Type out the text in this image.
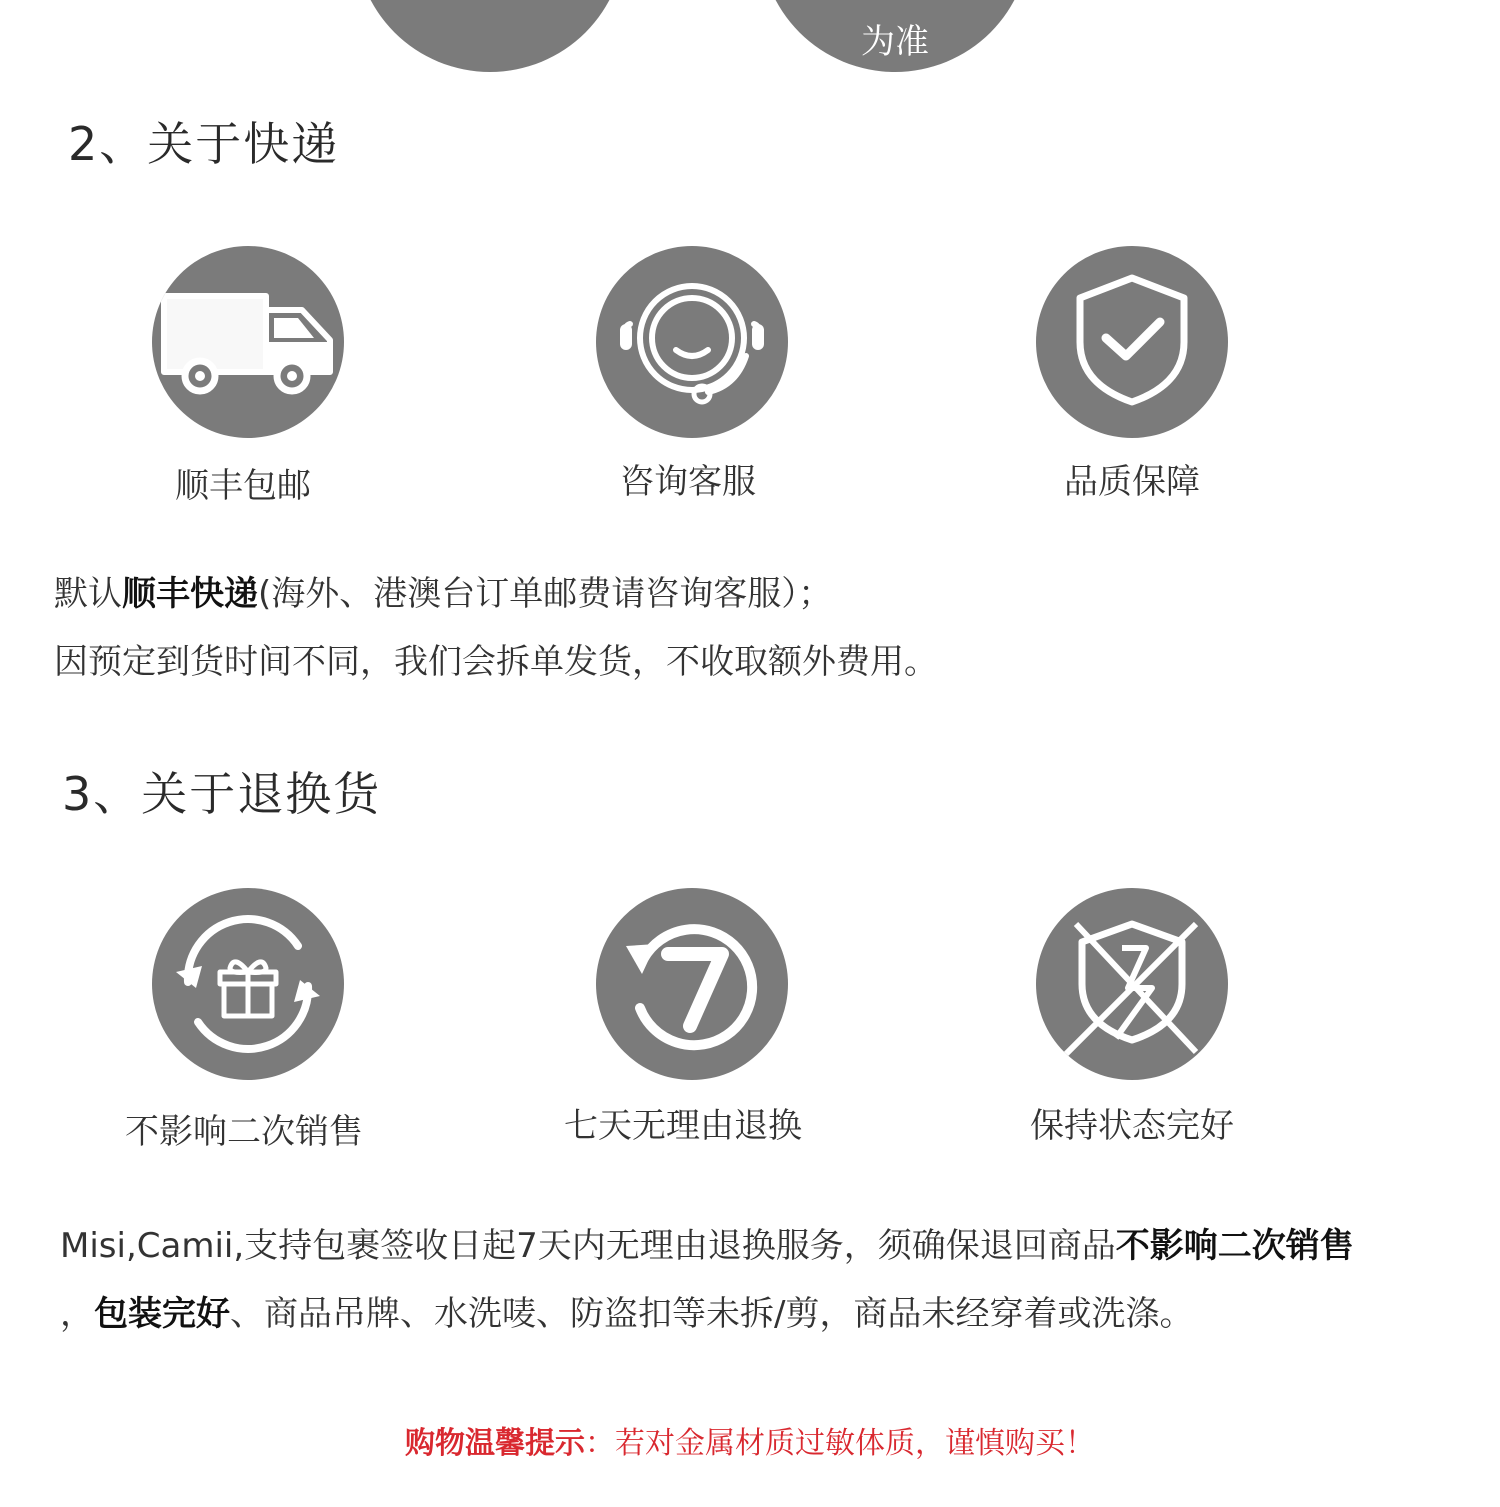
为准
2、关于快递
顺丰包邮	咨询客服	品质保障
默认顺丰快递(海外、港澳台订单邮费请咨询客服）；
因预定到货时间不同，我们会拆单发货，不收取额外费用。
3、关于退换货
不影响二次销售	七天无理由退换	保持状态完好
Misi,Camii,支持包裹签收日起7天内无理由退换服务，须确保退回商品不影响二次销售
，包装完好、商品吊牌、水洗唛、防盗扣等未拆/剪，商品未经穿着或洗涤。
购物温馨提示：若对金属材质过敏体质，谨慎购买！
